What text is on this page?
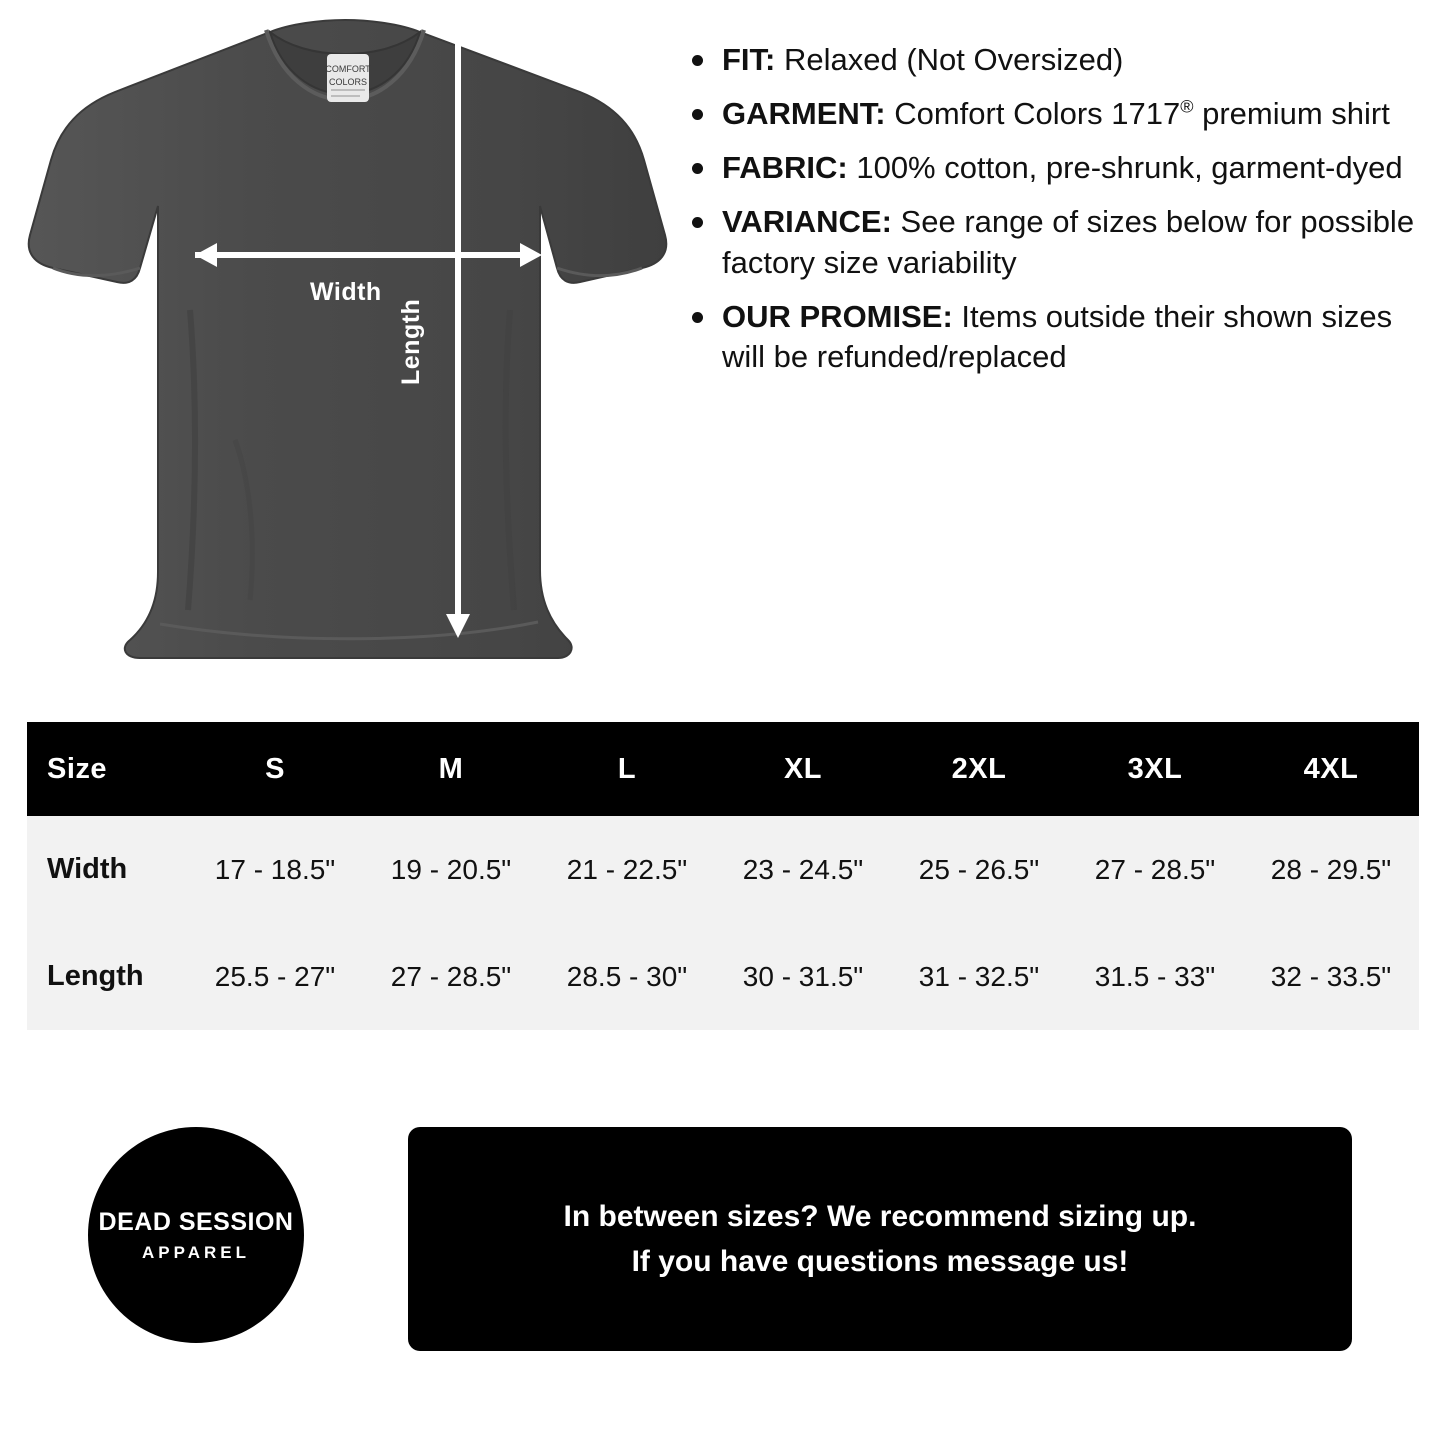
COMFORT
COLORS
Width
Length
FIT: Relaxed (Not Oversized)
GARMENT: Comfort Colors 1717® premium shirt
FABRIC: 100% cotton, pre-shrunk, garment-dyed
VARIANCE: See range of sizes below for possible factory size variability
OUR PROMISE: Items outside their shown sizes will be refunded/replaced
Size	S	M	L	XL	2XL	3XL	4XL
Width	17 - 18.5"	19 - 20.5"	21 - 22.5"	23 - 24.5"	25 - 26.5"	27 - 28.5"	28 - 29.5"
Length	25.5 - 27"	27 - 28.5"	28.5 - 30"	30 - 31.5"	31 - 32.5"	31.5 - 33"	32 - 33.5"
DEAD SESSION
APPAREL
In between sizes? We recommend sizing up.
If you have questions message us!
